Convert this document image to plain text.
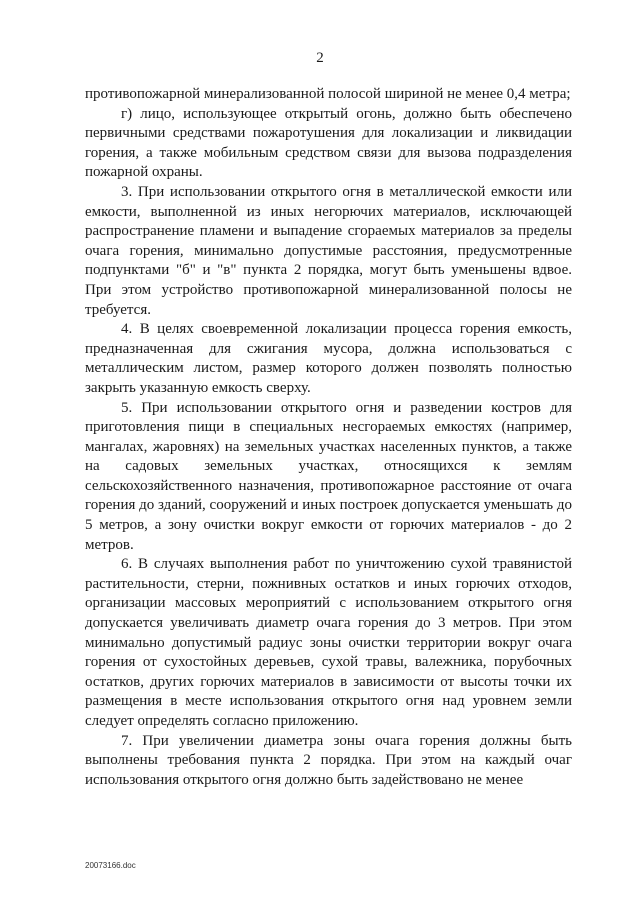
2

противопожарной минерализованной полосой шириной не менее 0,4 метра;

г) лицо, использующее открытый огонь, должно быть обеспечено первичными средствами пожаротушения для локализации и ликвидации горения, а также мобильным средством связи для вызова подразделения пожарной охраны.

3. При использовании открытого огня в металлической емкости или емкости, выполненной из иных негорючих материалов, исключающей распространение пламени и выпадение сгораемых материалов за пределы очага горения, минимально допустимые расстояния, предусмотренные подпунктами "б" и "в" пункта 2 порядка, могут быть уменьшены вдвое. При этом устройство противопожарной минерализованной полосы не требуется.

4. В целях своевременной локализации процесса горения емкость, предназначенная для сжигания мусора, должна использоваться с металлическим листом, размер которого должен позволять полностью закрыть указанную емкость сверху.

5. При использовании открытого огня и разведении костров для приготовления пищи в специальных несгораемых емкостях (например, мангалах, жаровнях) на земельных участках населенных пунктов, а также на садовых земельных участках, относящихся к землям сельскохозяйственного назначения, противопожарное расстояние от очага горения до зданий, сооружений и иных построек допускается уменьшать до 5 метров, а зону очистки вокруг емкости от горючих материалов - до 2 метров.

6. В случаях выполнения работ по уничтожению сухой травянистой растительности, стерни, пожнивных остатков и иных горючих отходов, организации массовых мероприятий с использованием открытого огня допускается увеличивать диаметр очага горения до 3 метров. При этом минимально допустимый радиус зоны очистки территории вокруг очага горения от сухостойных деревьев, сухой травы, валежника, порубочных остатков, других горючих материалов в зависимости от высоты точки их размещения в месте использования открытого огня над уровнем земли следует определять согласно приложению.

7. При увеличении диаметра зоны очага горения должны быть выполнены требования пункта 2 порядка. При этом на каждый очаг использования открытого огня должно быть задействовано не менее

20073166.doc
